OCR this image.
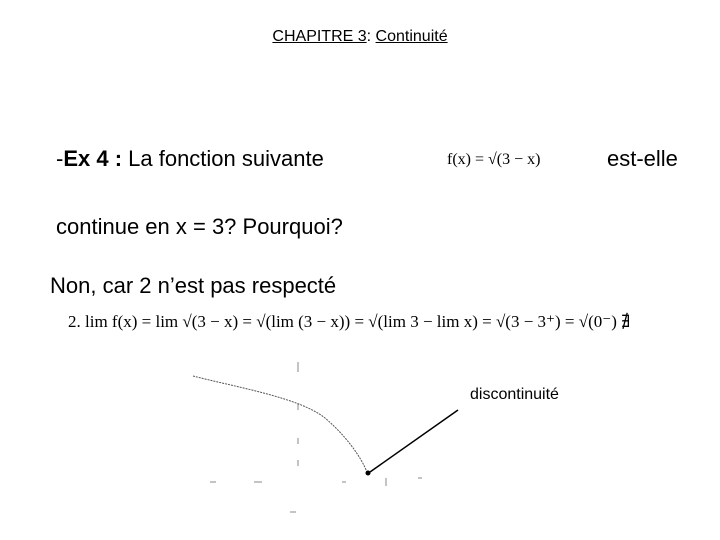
CHAPITRE 3: Continuité
-Ex 4 : La fonction suivante	f(x) = √(3 − x)	est-elle
continue en x = 3? Pourquoi?
Non, car 2 n’est pas respecté
2. lim f(x) = lim √(3 − x) = √(lim (3 − x)) = √(lim 3 − lim x) = √(3 − 3⁺) = √(0⁻) ∄
discontinuité
